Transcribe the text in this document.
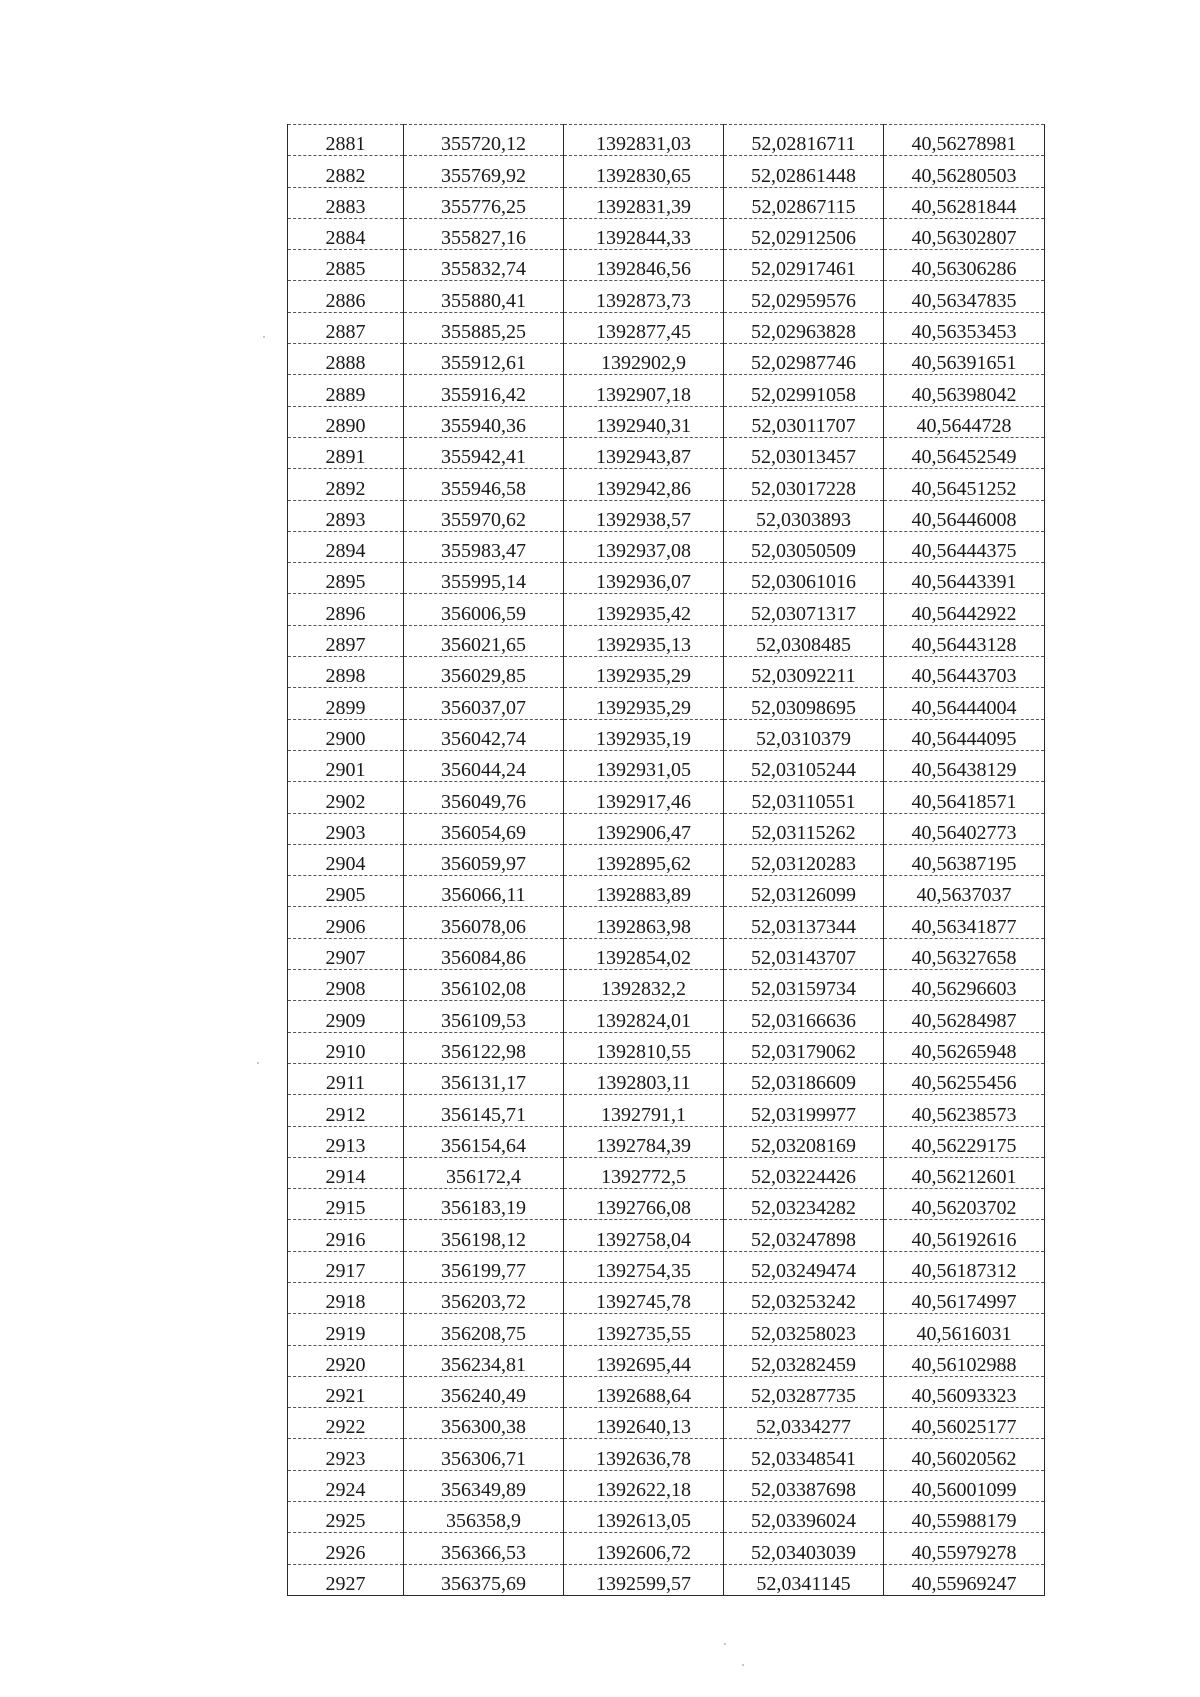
2881	355720,12	1392831,03	52,02816711	40,56278981
2882	355769,92	1392830,65	52,02861448	40,56280503
2883	355776,25	1392831,39	52,02867115	40,56281844
2884	355827,16	1392844,33	52,02912506	40,56302807
2885	355832,74	1392846,56	52,02917461	40,56306286
2886	355880,41	1392873,73	52,02959576	40,56347835
2887	355885,25	1392877,45	52,02963828	40,56353453
2888	355912,61	1392902,9	52,02987746	40,56391651
2889	355916,42	1392907,18	52,02991058	40,56398042
2890	355940,36	1392940,31	52,03011707	40,5644728
2891	355942,41	1392943,87	52,03013457	40,56452549
2892	355946,58	1392942,86	52,03017228	40,56451252
2893	355970,62	1392938,57	52,0303893	40,56446008
2894	355983,47	1392937,08	52,03050509	40,56444375
2895	355995,14	1392936,07	52,03061016	40,56443391
2896	356006,59	1392935,42	52,03071317	40,56442922
2897	356021,65	1392935,13	52,0308485	40,56443128
2898	356029,85	1392935,29	52,03092211	40,56443703
2899	356037,07	1392935,29	52,03098695	40,56444004
2900	356042,74	1392935,19	52,0310379	40,56444095
2901	356044,24	1392931,05	52,03105244	40,56438129
2902	356049,76	1392917,46	52,03110551	40,56418571
2903	356054,69	1392906,47	52,03115262	40,56402773
2904	356059,97	1392895,62	52,03120283	40,56387195
2905	356066,11	1392883,89	52,03126099	40,5637037
2906	356078,06	1392863,98	52,03137344	40,56341877
2907	356084,86	1392854,02	52,03143707	40,56327658
2908	356102,08	1392832,2	52,03159734	40,56296603
2909	356109,53	1392824,01	52,03166636	40,56284987
2910	356122,98	1392810,55	52,03179062	40,56265948
2911	356131,17	1392803,11	52,03186609	40,56255456
2912	356145,71	1392791,1	52,03199977	40,56238573
2913	356154,64	1392784,39	52,03208169	40,56229175
2914	356172,4	1392772,5	52,03224426	40,56212601
2915	356183,19	1392766,08	52,03234282	40,56203702
2916	356198,12	1392758,04	52,03247898	40,56192616
2917	356199,77	1392754,35	52,03249474	40,56187312
2918	356203,72	1392745,78	52,03253242	40,56174997
2919	356208,75	1392735,55	52,03258023	40,5616031
2920	356234,81	1392695,44	52,03282459	40,56102988
2921	356240,49	1392688,64	52,03287735	40,56093323
2922	356300,38	1392640,13	52,0334277	40,56025177
2923	356306,71	1392636,78	52,03348541	40,56020562
2924	356349,89	1392622,18	52,03387698	40,56001099
2925	356358,9	1392613,05	52,03396024	40,55988179
2926	356366,53	1392606,72	52,03403039	40,55979278
2927	356375,69	1392599,57	52,0341145	40,55969247
